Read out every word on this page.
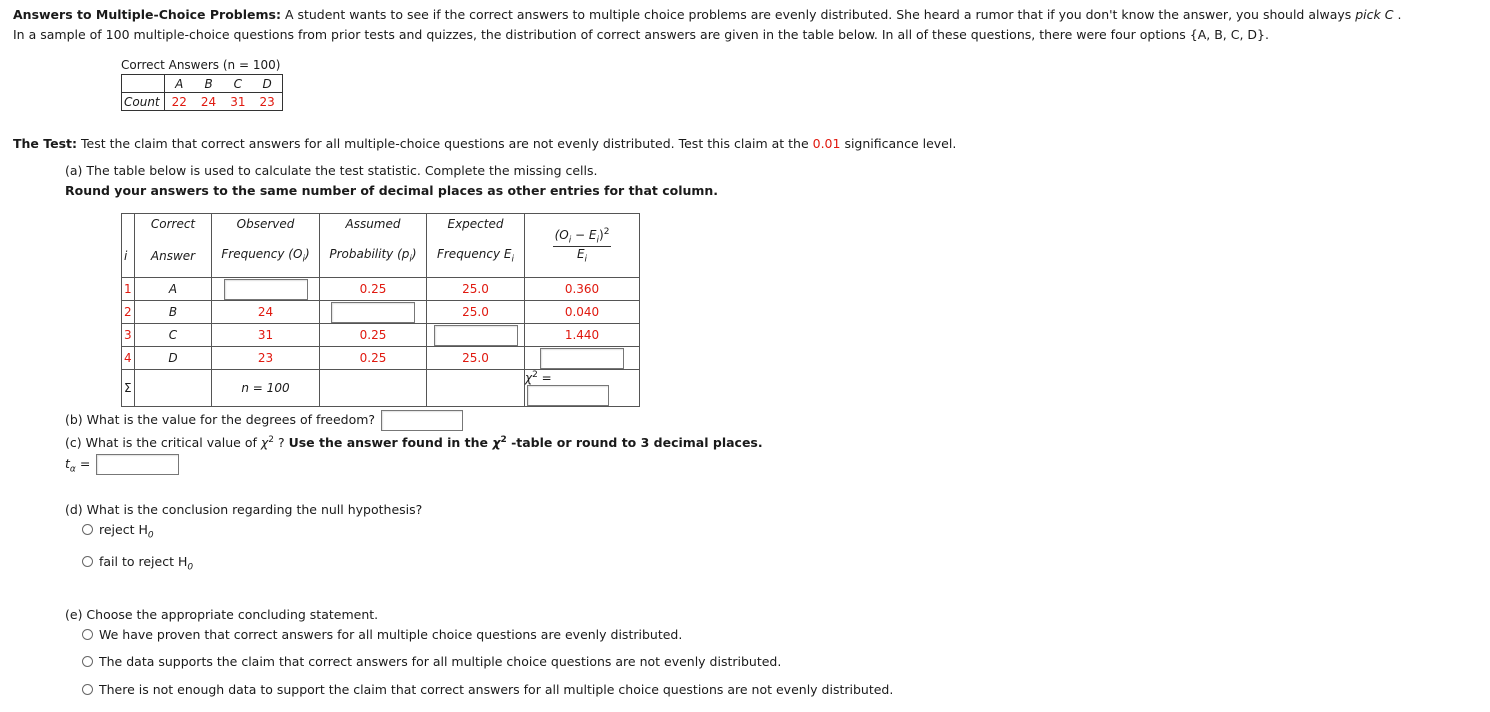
Answers to Multiple-Choice Problems: A student wants to see if the correct answers to multiple choice problems are evenly distributed. She heard a rumor that if you don't know the answer, you should always pick C .
In a sample of 100 multiple-choice questions from prior tests and quizzes, the distribution of correct answers are given in the table below. In all of these questions, there were four options {A, B, C, D}.
Correct Answers (n = 100)
	A	B	C	D
Count	22	24	31	23
The Test: Test the claim that correct answers for all multiple-choice questions are not evenly distributed. Test this claim at the 0.01 significance level.
(a) The table below is used to calculate the test statistic. Complete the missing cells.
Round your answers to the same number of decimal places as other entries for that column.
	Correct	Observed	Assumed	Expected	$\frac{(O_i - E_i)^2}{E_i}$

i	Answer	Frequency $(O_i)$	Probability $(p_i)$	Frequency $E_i$
1	A		0.25	25.0	0.360
2	B	24		25.0	0.040
3	C	31	0.25		1.440
4	D	23	0.25	25.0	
Σ		n = 100			$\chi^2$ =
(b) What is the value for the degrees of freedom?
(c) What is the critical value of $\chi^2$ ? Use the answer found in the $\chi^2$ -table or round to 3 decimal places.
$t_\alpha$ =
(d) What is the conclusion regarding the null hypothesis?
reject $H_0$
fail to reject $H_0$
(e) Choose the appropriate concluding statement.
We have proven that correct answers for all multiple choice questions are evenly distributed.
The data supports the claim that correct answers for all multiple choice questions are not evenly distributed.
There is not enough data to support the claim that correct answers for all multiple choice questions are not evenly distributed.
